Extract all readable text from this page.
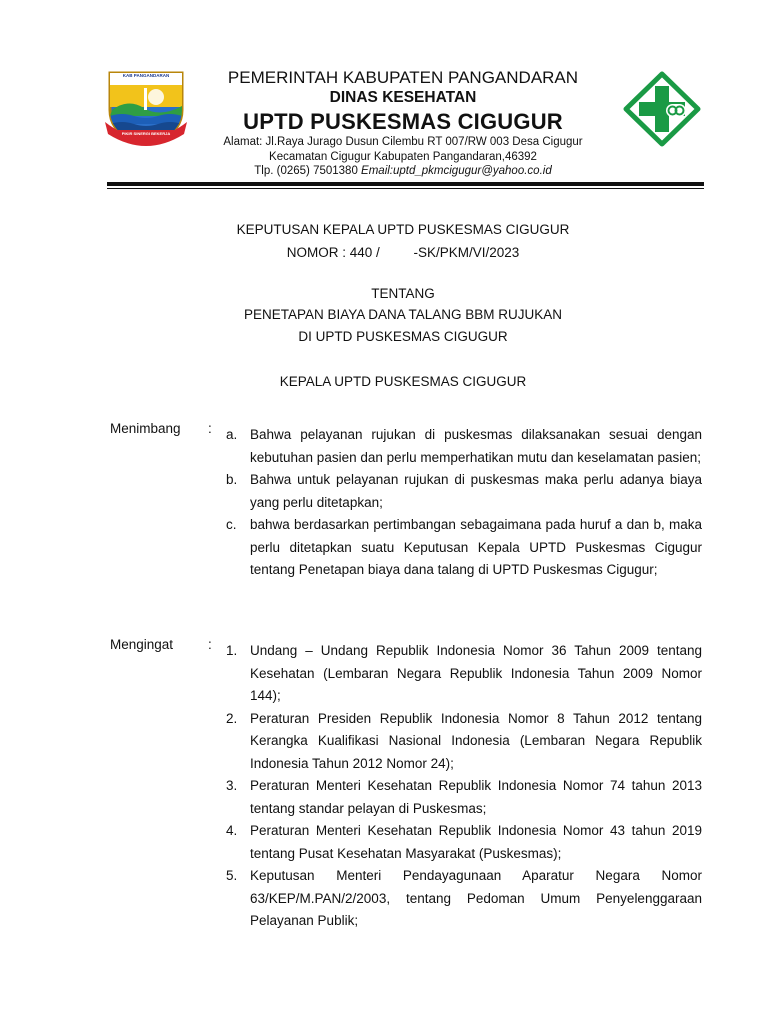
KAB PANGANDARAN
PIKIR SINERGI BEKERJA
PEMERINTAH KABUPATEN PANGANDARAN
DINAS KESEHATAN
UPTD PUSKESMAS CIGUGUR
Alamat: Jl.Raya Jurago Dusun Cilembu RT 007/RW 003 Desa Cigugur
Kecamatan Cigugur Kabupaten Pangandaran,46392
Tlp. (0265) 7501380 Email:uptd_pkmcigugur@yahoo.co.id
KEPUTUSAN KEPALA UPTD PUSKESMAS CIGUGUR
NOMOR : 440 /         -SK/PKM/VI/2023
TENTANG
PENETAPAN BIAYA DANA TALANG BBM RUJUKAN
DI UPTD PUSKESMAS CIGUGUR
KEPALA UPTD PUSKESMAS CIGUGUR
Menimbang : a. Bahwa pelayanan rujukan di puskesmas dilaksanakan sesuai dengan kebutuhan pasien dan perlu memperhatikan mutu dan keselamatan pasien;
b. Bahwa untuk pelayanan rujukan di puskesmas maka perlu adanya biaya yang perlu ditetapkan;
c. bahwa berdasarkan pertimbangan sebagaimana pada huruf a dan b, maka perlu ditetapkan suatu Keputusan Kepala UPTD Puskesmas Cigugur tentang Penetapan biaya dana talang di UPTD Puskesmas Cigugur;
Mengingat	: 1. Undang – Undang Republik Indonesia Nomor 36 Tahun 2009 tentang Kesehatan (Lembaran Negara Republik Indonesia Tahun 2009 Nomor 144);
2. Peraturan Presiden Republik Indonesia Nomor 8 Tahun 2012 tentang Kerangka Kualifikasi Nasional Indonesia (Lembaran Negara Republik Indonesia Tahun 2012 Nomor 24);
3. Peraturan Menteri Kesehatan Republik Indonesia Nomor 74 tahun 2013 tentang standar pelayan di Puskesmas;
4. Peraturan Menteri Kesehatan Republik Indonesia Nomor 43 tahun 2019 tentang Pusat Kesehatan Masyarakat (Puskesmas);
5. Keputusan Menteri Pendayagunaan Aparatur Negara Nomor 63/KEP/M.PAN/2/2003, tentang Pedoman Umum Penyelenggaraan Pelayanan Publik;
